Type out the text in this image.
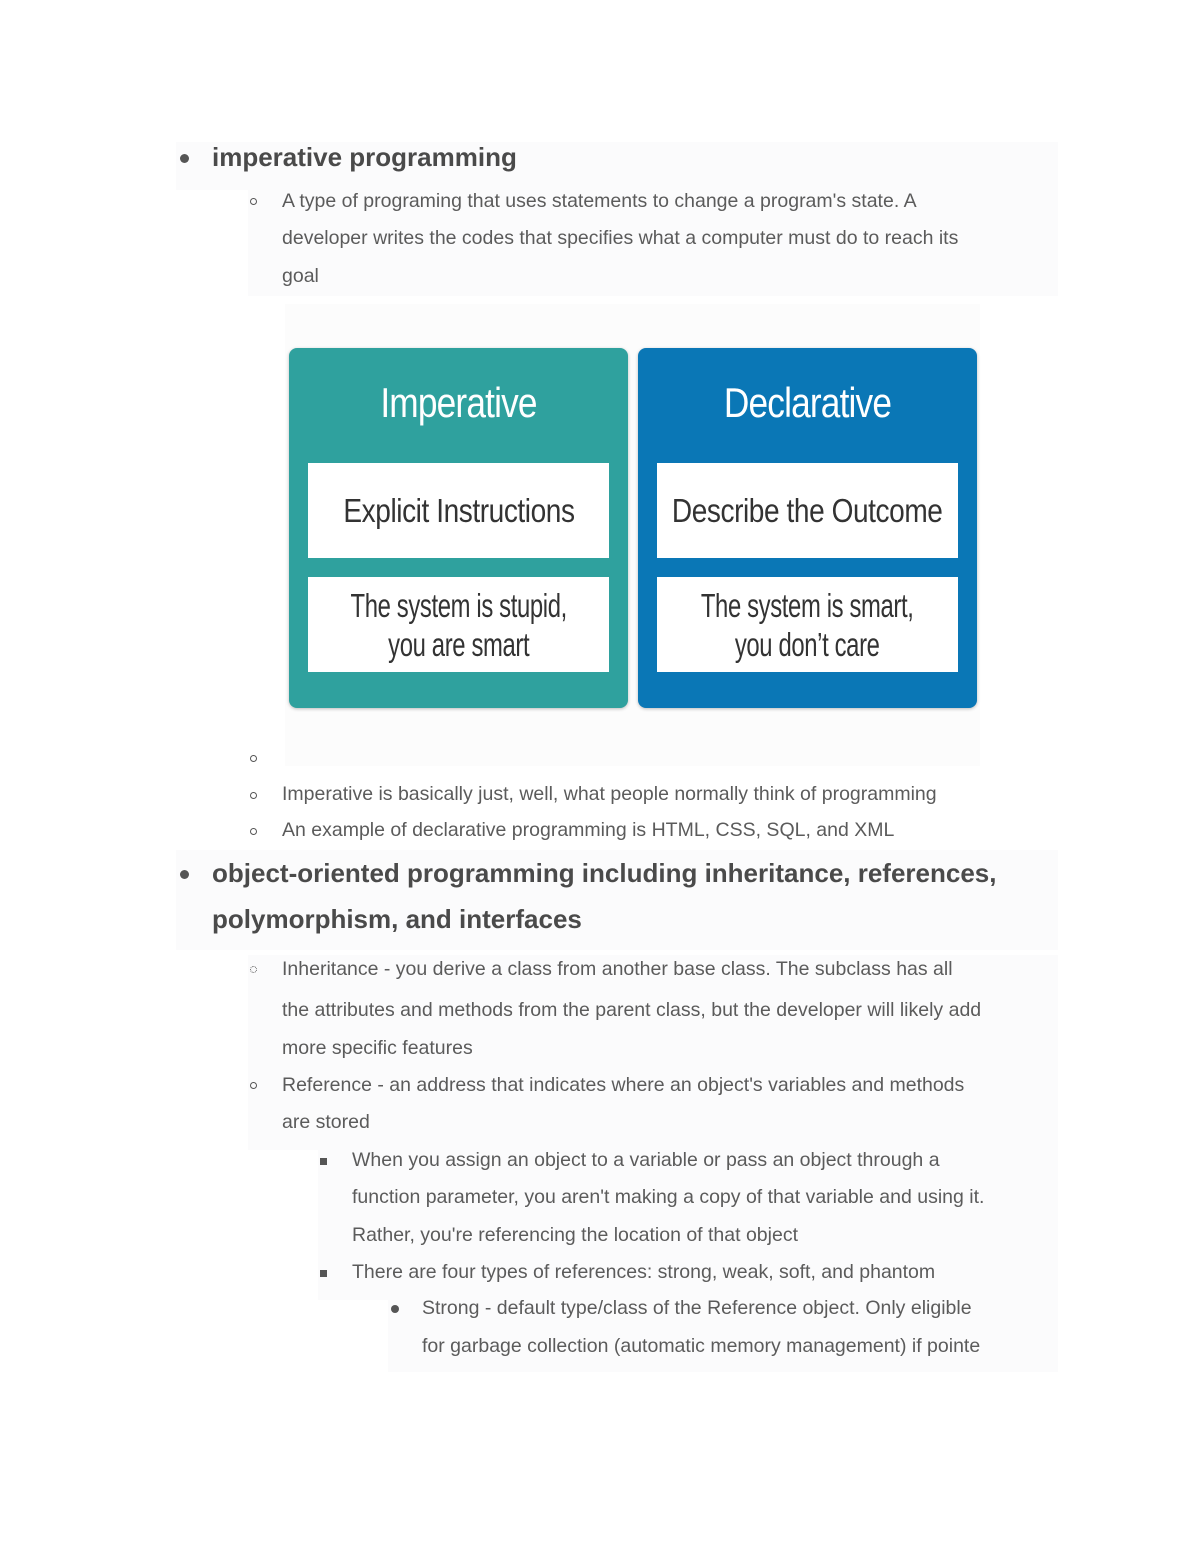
imperative programming
A type of programing that uses statements to change a program's state. A
developer writes the codes that specifies what a computer must do to reach its
goal
Imperative
Explicit Instructions
The system is stupid,
you are smart
Declarative
Describe the Outcome
The system is smart,
you don’t care
Imperative is basically just, well, what people normally think of programming
An example of declarative programming is HTML, CSS, SQL, and XML
object-oriented programming including inheritance, references,
polymorphism, and interfaces
Inheritance - you derive a class from another base class. The subclass has all
the attributes and methods from the parent class, but the developer will likely add
more specific features
Reference - an address that indicates where an object's variables and methods
are stored
When you assign an object to a variable or pass an object through a
function parameter, you aren't making a copy of that variable and using it.
Rather, you're referencing the location of that object
There are four types of references: strong, weak, soft, and phantom
Strong - default type/class of the Reference object. Only eligible
for garbage collection (automatic memory management) if pointe
